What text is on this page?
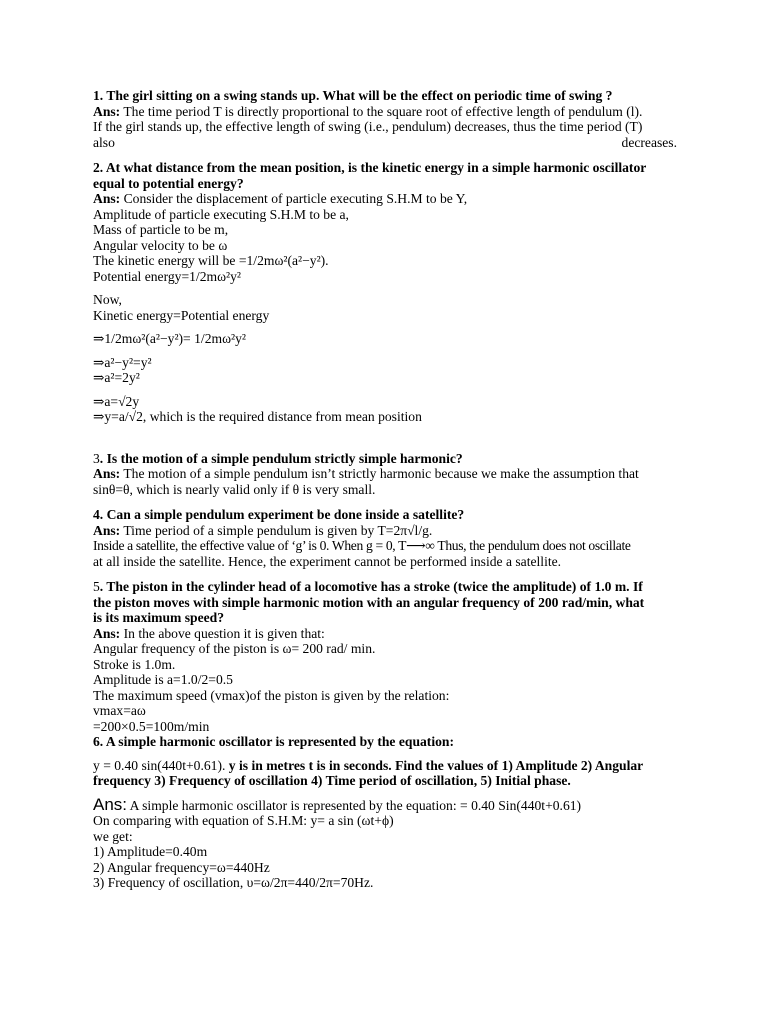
1. The girl sitting on a swing stands up. What will be the effect on periodic time of swing ?
Ans: The time period T is directly proportional to the square root of effective length of pendulum (l).
If the girl stands up, the effective length of swing (i.e., pendulum) decreases, thus the time period (T)
also	decreases.
2. At what distance from the mean position, is the kinetic energy in a simple harmonic oscillator
equal to potential energy?
Ans: Consider the displacement of particle executing S.H.M to be Y,
Amplitude of particle executing S.H.M to be a,
Mass of particle to be m,
Angular velocity to be ω
The kinetic energy will be =1/2mω²(a²−y²).
Potential energy=1/2mω²y²
Now,
Kinetic energy=Potential energy
⇒1/2mω²(a²−y²)= 1/2mω²y²
⇒a²−y²=y²
⇒a²=2y²
⇒a=√2y
⇒y=a/√2, which is the required distance from mean position
3. Is the motion of a simple pendulum strictly simple harmonic?
Ans: The motion of a simple pendulum isn’t strictly harmonic because we make the assumption that
sinθ=θ, which is nearly valid only if θ is very small.
4. Can a simple pendulum experiment be done inside a satellite?
Ans: Time period of a simple pendulum is given by T=2π√l/g.
Inside a satellite, the effective value of ‘g’ is 0. When g = 0, T⟶∞ Thus, the pendulum does not oscillate
at all inside the satellite. Hence, the experiment cannot be performed inside a satellite.
5. The piston in the cylinder head of a locomotive has a stroke (twice the amplitude) of 1.0 m. If
the piston moves with simple harmonic motion with an angular frequency of 200 rad/min, what
is its maximum speed?
Ans: In the above question it is given that:
Angular frequency of the piston is ω= 200 rad/ min.
Stroke is 1.0m.
Amplitude is a=1.0/2=0.5
The maximum speed (vmax)of the piston is given by the relation:
vmax=aω
=200×0.5=100m/min
6. A simple harmonic oscillator is represented by the equation:
y = 0.40 sin(440t+0.61). y is in metres t is in seconds. Find the values of 1) Amplitude 2) Angular
frequency 3) Frequency of oscillation 4) Time period of oscillation, 5) Initial phase.
Ans: A simple harmonic oscillator is represented by the equation: = 0.40 Sin(440t+0.61)
On comparing with equation of S.H.M: y= a sin (ωt+ϕ)
we get:
1) Amplitude=0.40m
2) Angular frequency=ω=440Hz
3) Frequency of oscillation, υ=ω/2π=440/2π=70Hz.
